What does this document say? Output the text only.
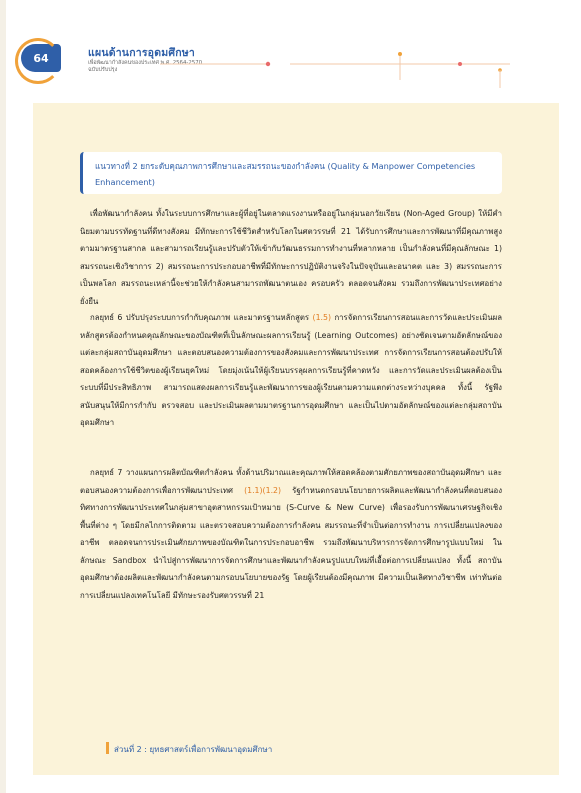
64	แผนด้านการอุดมศึกษา
เพื่อพัฒนากำลังคนของประเทศ พ.ศ. 2564-2570
ฉบับปรับปรุง
แนวทางที่ 2 ยกระดับคุณภาพการศึกษาและสมรรถนะของกำลังคน (Quality & Manpower Competencies Enhancement)
เพื่อพัฒนากำลังคน ทั้งในระบบการศึกษาและผู้ที่อยู่ในตลาดแรงงานหรืออยู่ในกลุ่มนอกวัยเรียน (Non-Aged Group) ให้มีคำนิยมตามบรรทัดฐานที่ดีทางสังคม มีทักษะการใช้ชีวิตสำหรับโลกในศตวรรษที่ 21 ได้รับการศึกษาและการพัฒนาที่มีคุณภาพสูง ตามมาตรฐานสากล และสามารถเรียนรู้และปรับตัวให้เข้ากับวัฒนธรรมการทำงานที่หลากหลาย เป็นกำลังคนที่มีคุณลักษณะ 1) สมรรถนะเชิงวิชาการ 2) สมรรถนะการประกอบอาชีพที่มีทักษะการปฏิบัติงานจริงในปัจจุบันและอนาคต และ 3) สมรรถนะการเป็นพลโลก สมรรถนะเหล่านี้จะช่วยให้กำลังคนสามารถพัฒนาตนเอง ครอบครัว ตลอดจนสังคม รวมถึงการพัฒนาประเทศอย่างยั่งยืน
กลยุทธ์ 6 ปรับปรุงระบบการกำกับคุณภาพ และมาตรฐานหลักสูตร (1.5) การจัดการเรียนการสอนและการวัดและประเมินผลหลักสูตรต้องกำหนดคุณลักษณะของบัณฑิตที่เป็นลักษณะผลการเรียนรู้ (Learning Outcomes) อย่างชัดเจนตามอัตลักษณ์ของแต่ละกลุ่มสถาบันอุดมศึกษา และตอบสนองความต้องการของสังคมและการพัฒนาประเทศ การจัดการเรียนการสอนต้องปรับให้สอดคล้องการใช้ชีวิตของผู้เรียนยุคใหม่ โดยมุ่งเน้นให้ผู้เรียนบรรลุผลการเรียนรู้ที่คาดหวัง และการวัดและประเมินผลต้องเป็นระบบที่มีประสิทธิภาพ สามารถแสดงผลการเรียนรู้และพัฒนาการของผู้เรียนตามความแตกต่างระหว่างบุคคล ทั้งนี้ รัฐพึงสนับสนุนให้มีการกำกับ ตรวจสอบ และประเมินผลตามมาตรฐานการอุดมศึกษา และเป็นไปตามอัตลักษณ์ของแต่ละกลุ่มสถาบันอุดมศึกษา
กลยุทธ์ 7 วางแผนการผลิตบัณฑิตกำลังคน ทั้งด้านปริมาณและคุณภาพให้สอดคล้องตามศักยภาพของสถาบันอุดมศึกษา และตอบสนองความต้องการเพื่อการพัฒนาประเทศ (1.1)(1.2) รัฐกำหนดกรอบนโยบายการผลิตและพัฒนากำลังคนที่ตอบสนองทิศทางการพัฒนาประเทศในกลุ่มสาขาอุตสาหกรรมเป้าหมาย (S-Curve & New Curve) เพื่อรองรับการพัฒนาเศรษฐกิจเชิงพื้นที่ต่าง ๆ โดยมีกลไกการติดตาม และตรวจสอบความต้องการกำลังคน สมรรถนะที่จำเป็นต่อการทำงาน การเปลี่ยนแปลงของอาชีพ ตลอดจนการประเมินศักยภาพของบัณฑิตในการประกอบอาชีพ รวมถึงพัฒนาบริหารการจัดการศึกษารูปแบบใหม่ ในลักษณะ Sandbox นำไปสู่การพัฒนาการจัดการศึกษาและพัฒนากำลังคนรูปแบบใหม่ที่เอื้อต่อการเปลี่ยนแปลง ทั้งนี้ สถาบันอุดมศึกษาต้องผลิตและพัฒนากำลังคนตามกรอบนโยบายของรัฐ โดยผู้เรียนต้องมีคุณภาพ มีความเป็นเลิศทางวิชาชีพ เท่าทันต่อการเปลี่ยนแปลงเทคโนโลยี มีทักษะรองรับศตวรรษที่ 21
ส่วนที่ 2 : ยุทธศาสตร์เพื่อการพัฒนาอุดมศึกษา
